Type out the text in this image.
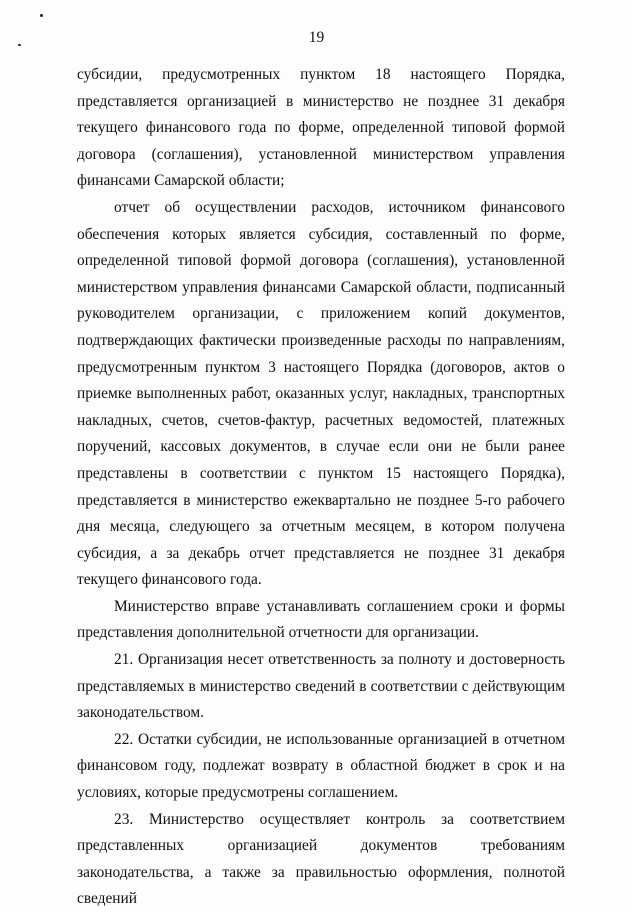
19

субсидии, предусмотренных пунктом 18 настоящего Порядка, представляется организацией в министерство не позднее 31 декабря текущего финансового года по форме, определенной типовой формой договора (соглашения), установленной министерством управления финансами Самарской области;

отчет об осуществлении расходов, источником финансового обеспечения которых является субсидия, составленный по форме, определенной типовой формой договора (соглашения), установленной министерством управления финансами Самарской области, подписанный руководителем организации, с приложением копий документов, подтверждающих фактически произведенные расходы по направлениям, предусмотренным пунктом 3 настоящего Порядка (договоров, актов о приемке выполненных работ, оказанных услуг, накладных, транспортных накладных, счетов, счетов-фактур, расчетных ведомостей, платежных поручений, кассовых документов, в случае если они не были ранее представлены в соответствии с пунктом 15 настоящего Порядка), представляется в министерство ежеквартально не позднее 5-го рабочего дня месяца, следующего за отчетным месяцем, в котором получена субсидия, а за декабрь отчет представляется не позднее 31 декабря текущего финансового года.

Министерство вправе устанавливать соглашением сроки и формы представления дополнительной отчетности для организации.

21. Организация несет ответственность за полноту и достоверность представляемых в министерство сведений в соответствии с действующим законодательством.

22. Остатки субсидии, не использованные организацией в отчетном финансовом году, подлежат возврату в областной бюджет в срок и на условиях, которые предусмотрены соглашением.

23. Министерство осуществляет контроль за соответствием представленных организацией документов требованиям законодательства, а также за правильностью оформления, полнотой сведений
